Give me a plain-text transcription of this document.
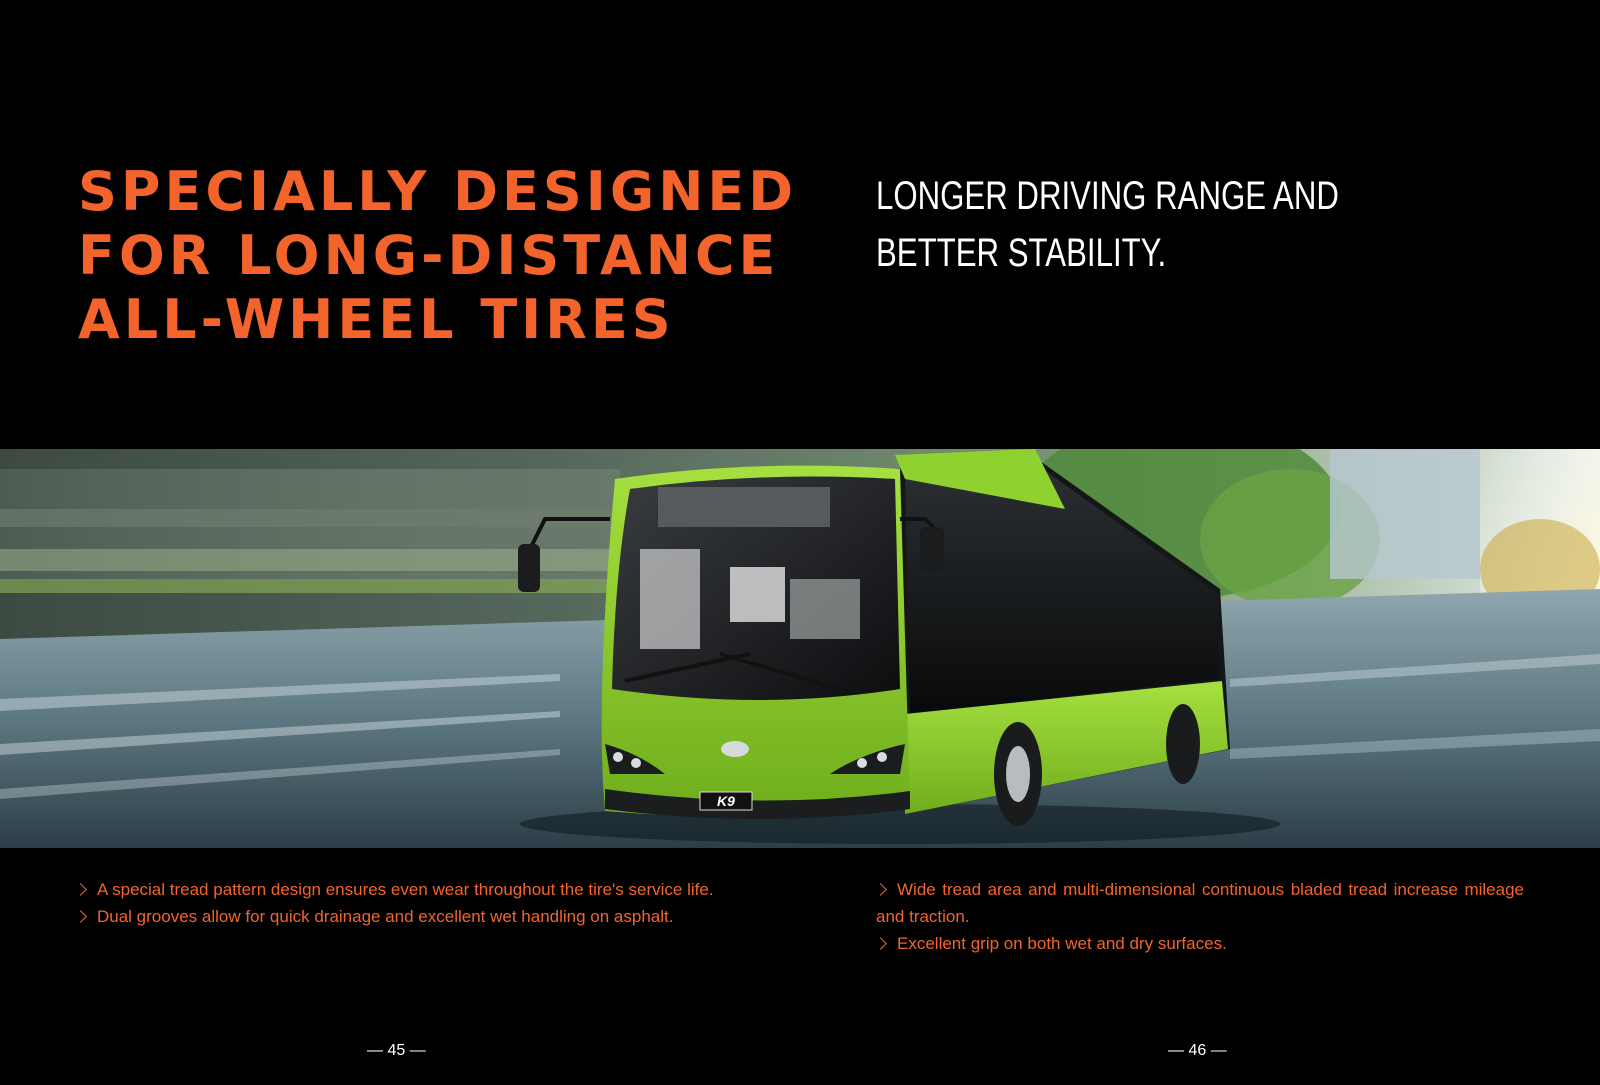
SPECIALLY DESIGNED
FOR LONG-DISTANCE
ALL-WHEEL TIRES
LONGER DRIVING RANGE AND
BETTER STABILITY.
K9
A special tread pattern design ensures even wear throughout the tire's service life.
Dual grooves allow for quick drainage and excellent wet handling on asphalt.
Wide tread area and multi-dimensional continuous bladed tread increase mileage and traction.
Excellent grip on both wet and dry surfaces.
— 45 —	— 46 —
